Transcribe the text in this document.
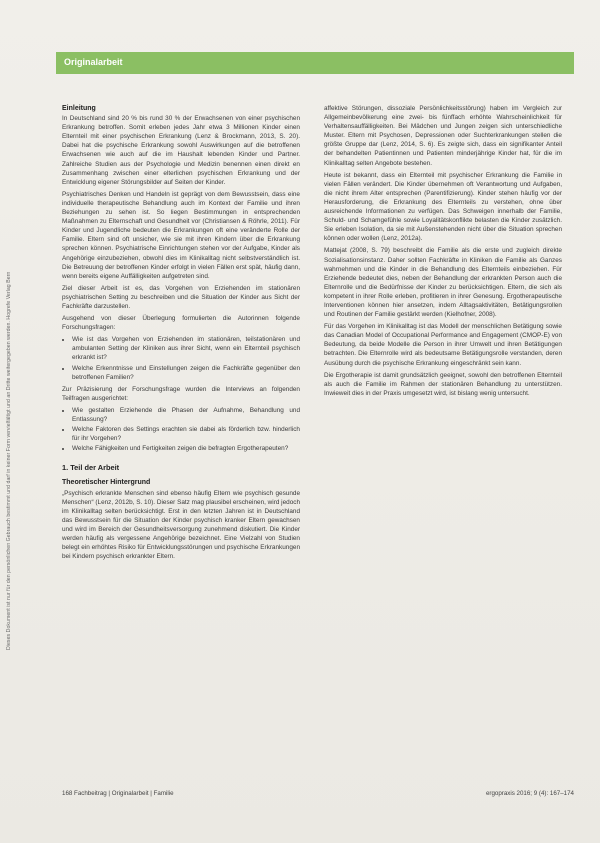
Dieses Dokument ist nur für den persönlichen Gebrauch bestimmt und darf in keiner Form vervielfältigt und an Dritte weitergegeben werden. Hogrefe Verlag Bern
Originalarbeit
Einleitung

In Deutschland sind 20 % bis rund 30 % der Erwachsenen von einer psychischen Erkrankung betroffen. Somit erleben jedes Jahr etwa 3 Millionen Kinder einen Elternteil mit einer psychischen Erkrankung (Lenz & Brockmann, 2013, S. 20). Dabei hat die psychische Erkrankung sowohl Auswirkungen auf die betroffenen Erwachsenen wie auch auf die im Haushalt lebenden Kinder und Partner. Zahlreiche Studien aus der Psychologie und Medizin benennen einen direkt en Zusammenhang zwischen einer elterlichen psychischen Erkrankung und der Entwicklung eigener Störungsbilder auf Seiten der Kinder.

Psychiatrisches Denken und Handeln ist geprägt von dem Bewusstsein, dass eine individuelle therapeutische Behandlung auch im Kontext der Familie und ihren Beziehungen zu sehen ist. So liegen Bestimmungen in entsprechenden Maßnahmen zu Elternschaft und Gesundheit vor (Christiansen & Röhrle, 2011). Für Kinder und Jugendliche bedeuten die Erkrankungen oft eine veränderte Rolle der Familie. Eltern sind oft unsicher, wie sie mit ihren Kindern über die Erkrankung sprechen können. Psychiatrische Einrichtungen stehen vor der Aufgabe, Kinder als Angehörige einzubeziehen, obwohl dies im Klinikalltag nicht selbstverständlich ist. Die Betreuung der betroffenen Kinder erfolgt in vielen Fällen erst spät, häufig dann, wenn bereits eigene Auffälligkeiten aufgetreten sind.

Ziel dieser Arbeit ist es, das Vorgehen von Erziehenden im stationären psychiatrischen Setting zu beschreiben und die Situation der Kinder aus Sicht der Fachkräfte darzustellen.

Ausgehend von dieser Überlegung formulierten die Autorinnen folgende Forschungsfragen:

• Wie ist das Vorgehen von Erziehenden im stationären, teilstationären und ambulanten Setting der Kliniken aus ihrer Sicht, wenn ein Elternteil psychisch erkrankt ist?
• Welche Erkenntnisse und Einstellungen zeigen die Fachkräfte gegenüber den betroffenen Familien?

Zur Präzisierung der Forschungsfrage wurden die Interviews an folgenden Teilfragen ausgerichtet:

• Wie gestalten Erziehende die Phasen der Aufnahme, Behandlung und Entlassung?
• Welche Faktoren des Settings erachten sie dabei als förderlich bzw. hinderlich für ihr Vorgehen?
• Welche Fähigkeiten und Fertigkeiten zeigen die befragten Ergotherapeuten?
1. Teil der Arbeit
Theoretischer Hintergrund

„Psychisch erkrankte Menschen sind ebenso häufig Eltern wie psychisch gesunde Menschen“ (Lenz, 2012b, S. 10). Dieser Satz mag plausibel erscheinen, wird jedoch im Klinikalltag selten berücksichtigt. Erst in den letzten Jahren ist in Deutschland das Bewusstsein für die Situation der Kinder psychisch kranker Eltern gewachsen und wird im Bereich der Gesundheitsversorgung zunehmend diskutiert. Die Kinder werden häufig als vergessene Angehörige bezeichnet. Eine Vielzahl von Studien belegt ein erhöhtes Risiko für Entwicklungsstörungen und psychische Erkrankungen bei Kindern psychisch erkrankter Eltern.

affektive Störungen, dissoziale Persönlichkeitsstörung) haben im Vergleich zur Allgemeinbevölkerung eine zwei- bis fünffach erhöhte Wahrscheinlichkeit für Verhaltensauffälligkeiten. Bei Mädchen und Jungen zeigen sich unterschiedliche Muster. Eltern mit Psychosen, Depressionen oder Suchterkrankungen stellen die größte Gruppe dar (Lenz, 2014, S. 6). Es zeigte sich, dass ein signifikanter Anteil der behandelten Patientinnen und Patienten minderjährige Kinder hat, für die im Klinikalltag selten Angebote bestehen.

Heute ist bekannt, dass ein Elternteil mit psychischer Erkrankung die Familie in vielen Fällen verändert. Die Kinder übernehmen oft Verantwortung und Aufgaben, die nicht ihrem Alter entsprechen (Parentifizierung). Kinder stehen häufig vor der Herausforderung, die Erkrankung des Elternteils zu verstehen, ohne über ausreichende Informationen zu verfügen. Das Schweigen innerhalb der Familie, Schuld- und Schamgefühle sowie Loyalitätskonflikte belasten die Kinder zusätzlich. Sie erleben Isolation, da sie mit Außenstehenden nicht über die Situation sprechen können oder wollen (Lenz, 2012a).

Mattejat (2008, S. 79) beschreibt die Familie als die erste und zugleich direkte Sozialisationsinstanz. Daher sollten Fachkräfte in Kliniken die Familie als Ganzes wahrnehmen und die Kinder in die Behandlung des Elternteils einbeziehen. Für Erziehende bedeutet dies, neben der Behandlung der erkrankten Person auch die Elternrolle und die Bedürfnisse der Kinder zu berücksichtigen. Eltern, die sich als kompetent in ihrer Rolle erleben, profitieren in ihrer Genesung. Ergotherapeutische Interventionen können hier ansetzen, indem Alltagsaktivitäten, Betätigungsrollen und Routinen der Familie gestärkt werden (Kielhofner, 2008).

Für das Vorgehen im Klinikalltag ist das Modell der menschlichen Betätigung sowie das Canadian Model of Occupational Performance and Engagement (CMOP-E) von Bedeutung, da beide Modelle die Person in ihrer Umwelt und ihren Betätigungen betrachten. Die Elternrolle wird als bedeutsame Betätigungsrolle verstanden, deren Ausübung durch die psychische Erkrankung eingeschränkt sein kann.

Die Ergotherapie ist damit grundsätzlich geeignet, sowohl den betroffenen Elternteil als auch die Familie im Rahmen der stationären Behandlung zu unterstützen. Inwieweit dies in der Praxis umgesetzt wird, ist bislang wenig untersucht.

168 Fachbeitrag | Originalarbeit | Familie	ergopraxis 2016; 9 (4): 167–174
